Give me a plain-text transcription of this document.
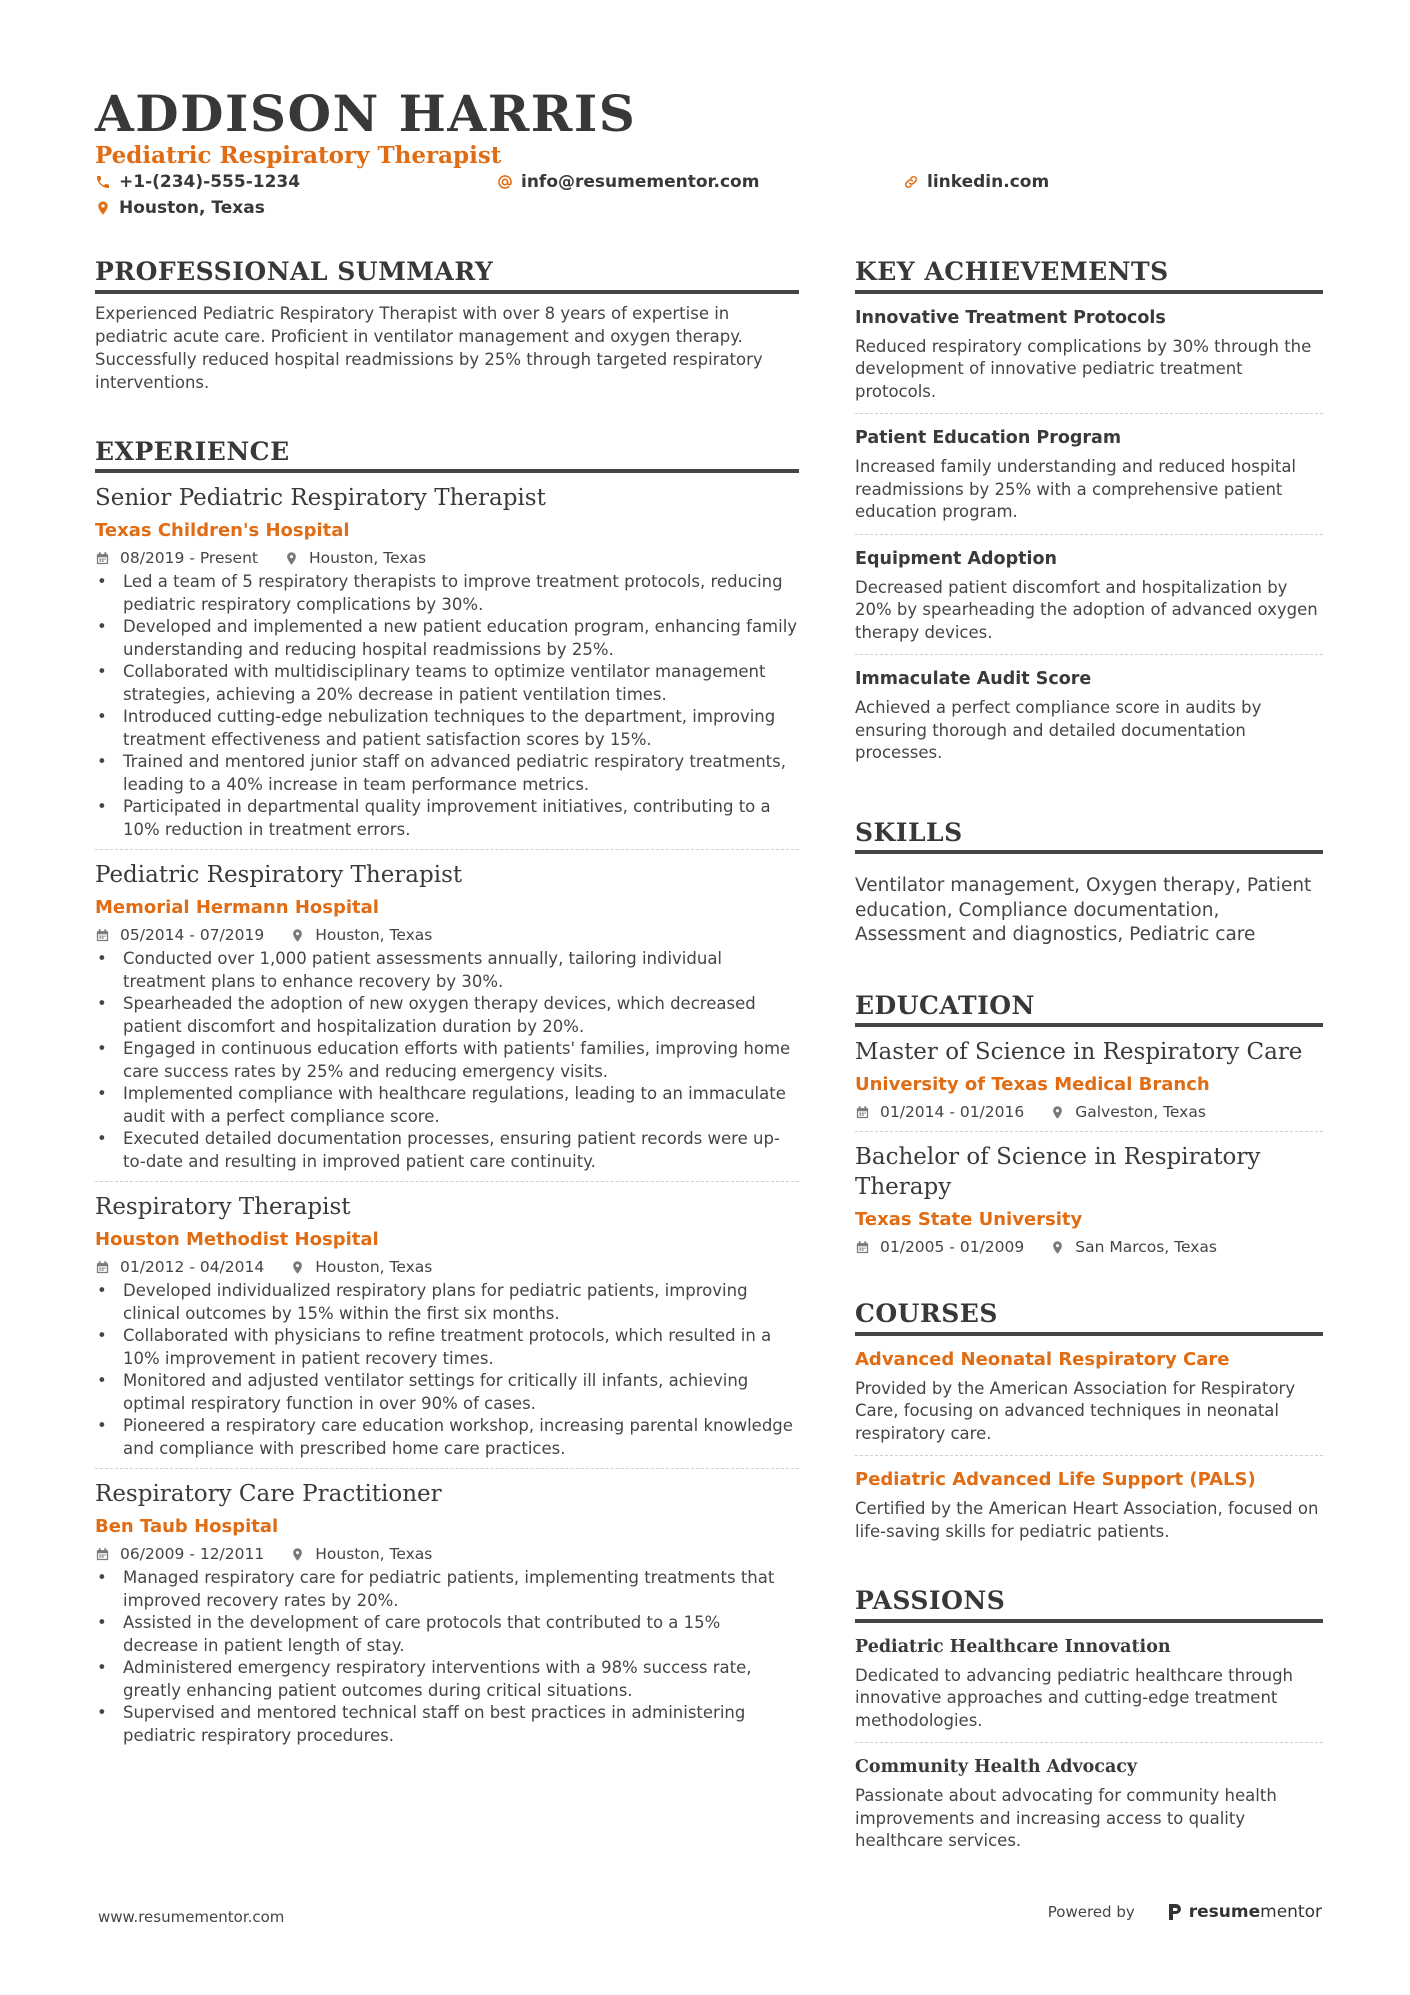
ADDISON HARRIS
Pediatric Respiratory Therapist
+1-(234)-555-1234	info@resumementor.com	linkedin.com
Houston, Texas
PROFESSIONAL SUMMARY
Experienced Pediatric Respiratory Therapist with over 8 years of expertise in pediatric acute care. Proficient in ventilator management and oxygen therapy. Successfully reduced hospital readmissions by 25% through targeted respiratory interventions.
EXPERIENCE
Senior Pediatric Respiratory Therapist
Texas Children's Hospital
08/2019 - Present	Houston, Texas
• Led a team of 5 respiratory therapists to improve treatment protocols, reducing pediatric respiratory complications by 30%.
• Developed and implemented a new patient education program, enhancing family understanding and reducing hospital readmissions by 25%.
• Collaborated with multidisciplinary teams to optimize ventilator management strategies, achieving a 20% decrease in patient ventilation times.
• Introduced cutting-edge nebulization techniques to the department, improving treatment effectiveness and patient satisfaction scores by 15%.
• Trained and mentored junior staff on advanced pediatric respiratory treatments, leading to a 40% increase in team performance metrics.
• Participated in departmental quality improvement initiatives, contributing to a 10% reduction in treatment errors.
Pediatric Respiratory Therapist
Memorial Hermann Hospital
05/2014 - 07/2019	Houston, Texas
• Conducted over 1,000 patient assessments annually, tailoring individual treatment plans to enhance recovery by 30%.
• Spearheaded the adoption of new oxygen therapy devices, which decreased patient discomfort and hospitalization duration by 20%.
• Engaged in continuous education efforts with patients' families, improving home care success rates by 25% and reducing emergency visits.
• Implemented compliance with healthcare regulations, leading to an immaculate audit with a perfect compliance score.
• Executed detailed documentation processes, ensuring patient records were up-to-date and resulting in improved patient care continuity.
Respiratory Therapist
Houston Methodist Hospital
01/2012 - 04/2014	Houston, Texas
• Developed individualized respiratory plans for pediatric patients, improving clinical outcomes by 15% within the first six months.
• Collaborated with physicians to refine treatment protocols, which resulted in a 10% improvement in patient recovery times.
• Monitored and adjusted ventilator settings for critically ill infants, achieving optimal respiratory function in over 90% of cases.
• Pioneered a respiratory care education workshop, increasing parental knowledge and compliance with prescribed home care practices.
Respiratory Care Practitioner
Ben Taub Hospital
06/2009 - 12/2011	Houston, Texas
• Managed respiratory care for pediatric patients, implementing treatments that improved recovery rates by 20%.
• Assisted in the development of care protocols that contributed to a 15% decrease in patient length of stay.
• Administered emergency respiratory interventions with a 98% success rate, greatly enhancing patient outcomes during critical situations.
• Supervised and mentored technical staff on best practices in administering pediatric respiratory procedures.
KEY ACHIEVEMENTS
Innovative Treatment Protocols
Reduced respiratory complications by 30% through the development of innovative pediatric treatment protocols.
Patient Education Program
Increased family understanding and reduced hospital readmissions by 25% with a comprehensive patient education program.
Equipment Adoption
Decreased patient discomfort and hospitalization by 20% by spearheading the adoption of advanced oxygen therapy devices.
Immaculate Audit Score
Achieved a perfect compliance score in audits by ensuring thorough and detailed documentation processes.
SKILLS
Ventilator management, Oxygen therapy, Patient education, Compliance documentation, Assessment and diagnostics, Pediatric care
EDUCATION
Master of Science in Respiratory Care
University of Texas Medical Branch
01/2014 - 01/2016	Galveston, Texas
Bachelor of Science in Respiratory Therapy
Texas State University
01/2005 - 01/2009	San Marcos, Texas
COURSES
Advanced Neonatal Respiratory Care
Provided by the American Association for Respiratory Care, focusing on advanced techniques in neonatal respiratory care.
Pediatric Advanced Life Support (PALS)
Certified by the American Heart Association, focused on life-saving skills for pediatric patients.
PASSIONS
Pediatric Healthcare Innovation
Dedicated to advancing pediatric healthcare through innovative approaches and cutting-edge treatment methodologies.
Community Health Advocacy
Passionate about advocating for community health improvements and increasing access to quality healthcare services.
www.resumementor.com	Powered by	resume mentor
